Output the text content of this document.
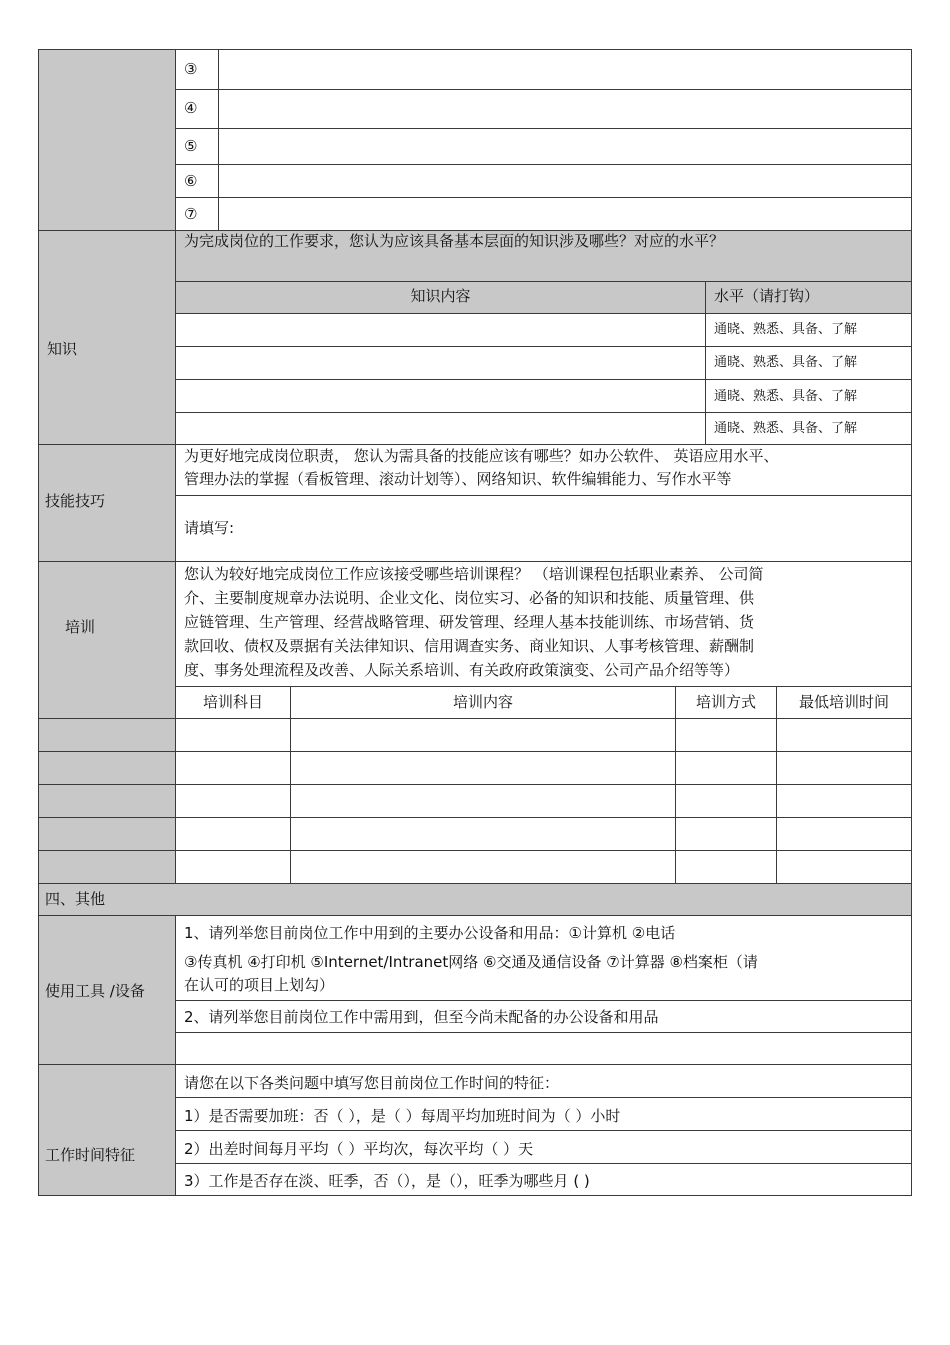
③
④
⑤
⑥
⑦
知识
为完成岗位的工作要求，您认为应该具备基本层面的知识涉及哪些？对应的水平？
知识内容	水平（请打钩）
通晓、熟悉、具备、了解
通晓、熟悉、具备、了解
通晓、熟悉、具备、了解
通晓、熟悉、具备、了解
技能技巧
为更好地完成岗位职责， 您认为需具备的技能应该有哪些？如办公软件、 英语应用水平、
管理办法的掌握（看板管理、滚动计划等）、网络知识、软件编辑能力、写作水平等
请填写:
培训
您认为较好地完成岗位工作应该接受哪些培训课程？ （培训课程包括职业素养、 公司简
介、主要制度规章办法说明、企业文化、岗位实习、必备的知识和技能、质量管理、供
应链管理、生产管理、经营战略管理、研发管理、经理人基本技能训练、市场营销、货
款回收、债权及票据有关法律知识、信用调查实务、商业知识、人事考核管理、薪酬制
度、事务处理流程及改善、人际关系培训、有关政府政策演变、公司产品介绍等等）
培训科目	培训内容	培训方式	最低培训时间
四、其他
使用工具 /设备
1、请列举您目前岗位工作中用到的主要办公设备和用品：①计算机 ②电话
③传真机 ④打印机 ⑤Internet/Intranet网络 ⑥交通及通信设备 ⑦计算器 ⑧档案柜（请
在认可的项目上划勾）
2、请列举您目前岗位工作中需用到，但至今尚未配备的办公设备和用品
工作时间特征
请您在以下各类问题中填写您目前岗位工作时间的特征：
1）是否需要加班：否（ ），是（ ）每周平均加班时间为（ ）小时
2）出差时间每月平均（ ）平均次，每次平均（ ）天
3）工作是否存在淡、旺季，否（），是（），旺季为哪些月 ( )
